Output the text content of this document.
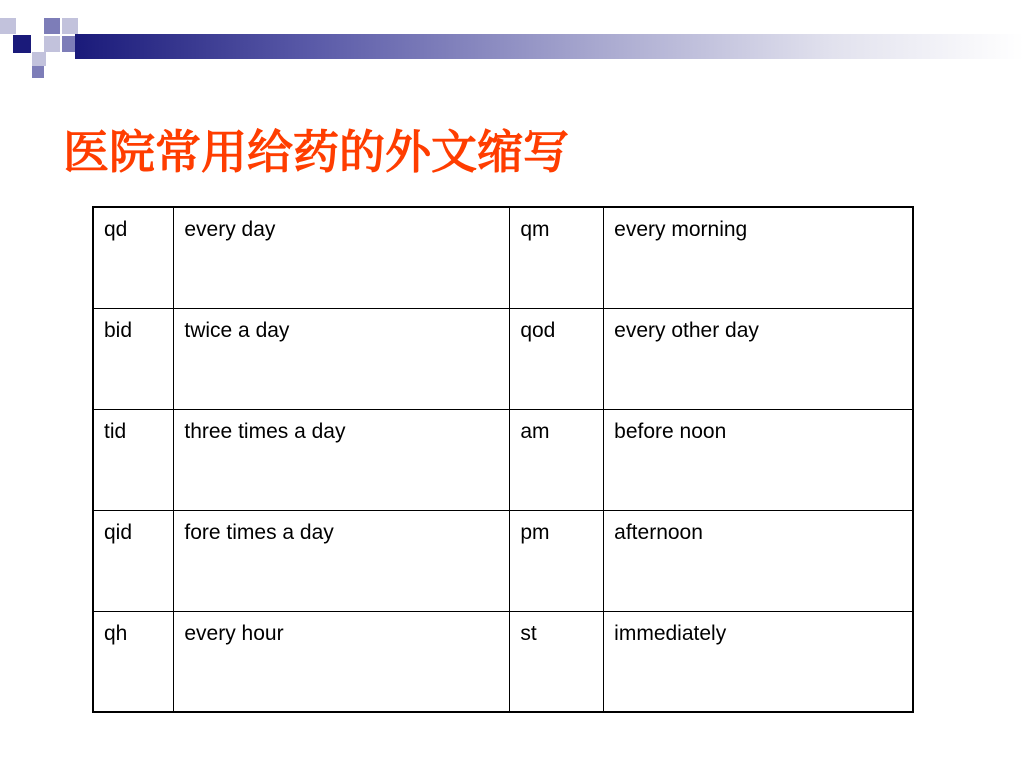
医院常用给药的外文缩写
qd	every day	qm	every morning
bid	twice a day	qod	every other day
tid	three times a day	am	before noon
qid	fore times a day	pm	afternoon
qh	every hour	st	immediately
